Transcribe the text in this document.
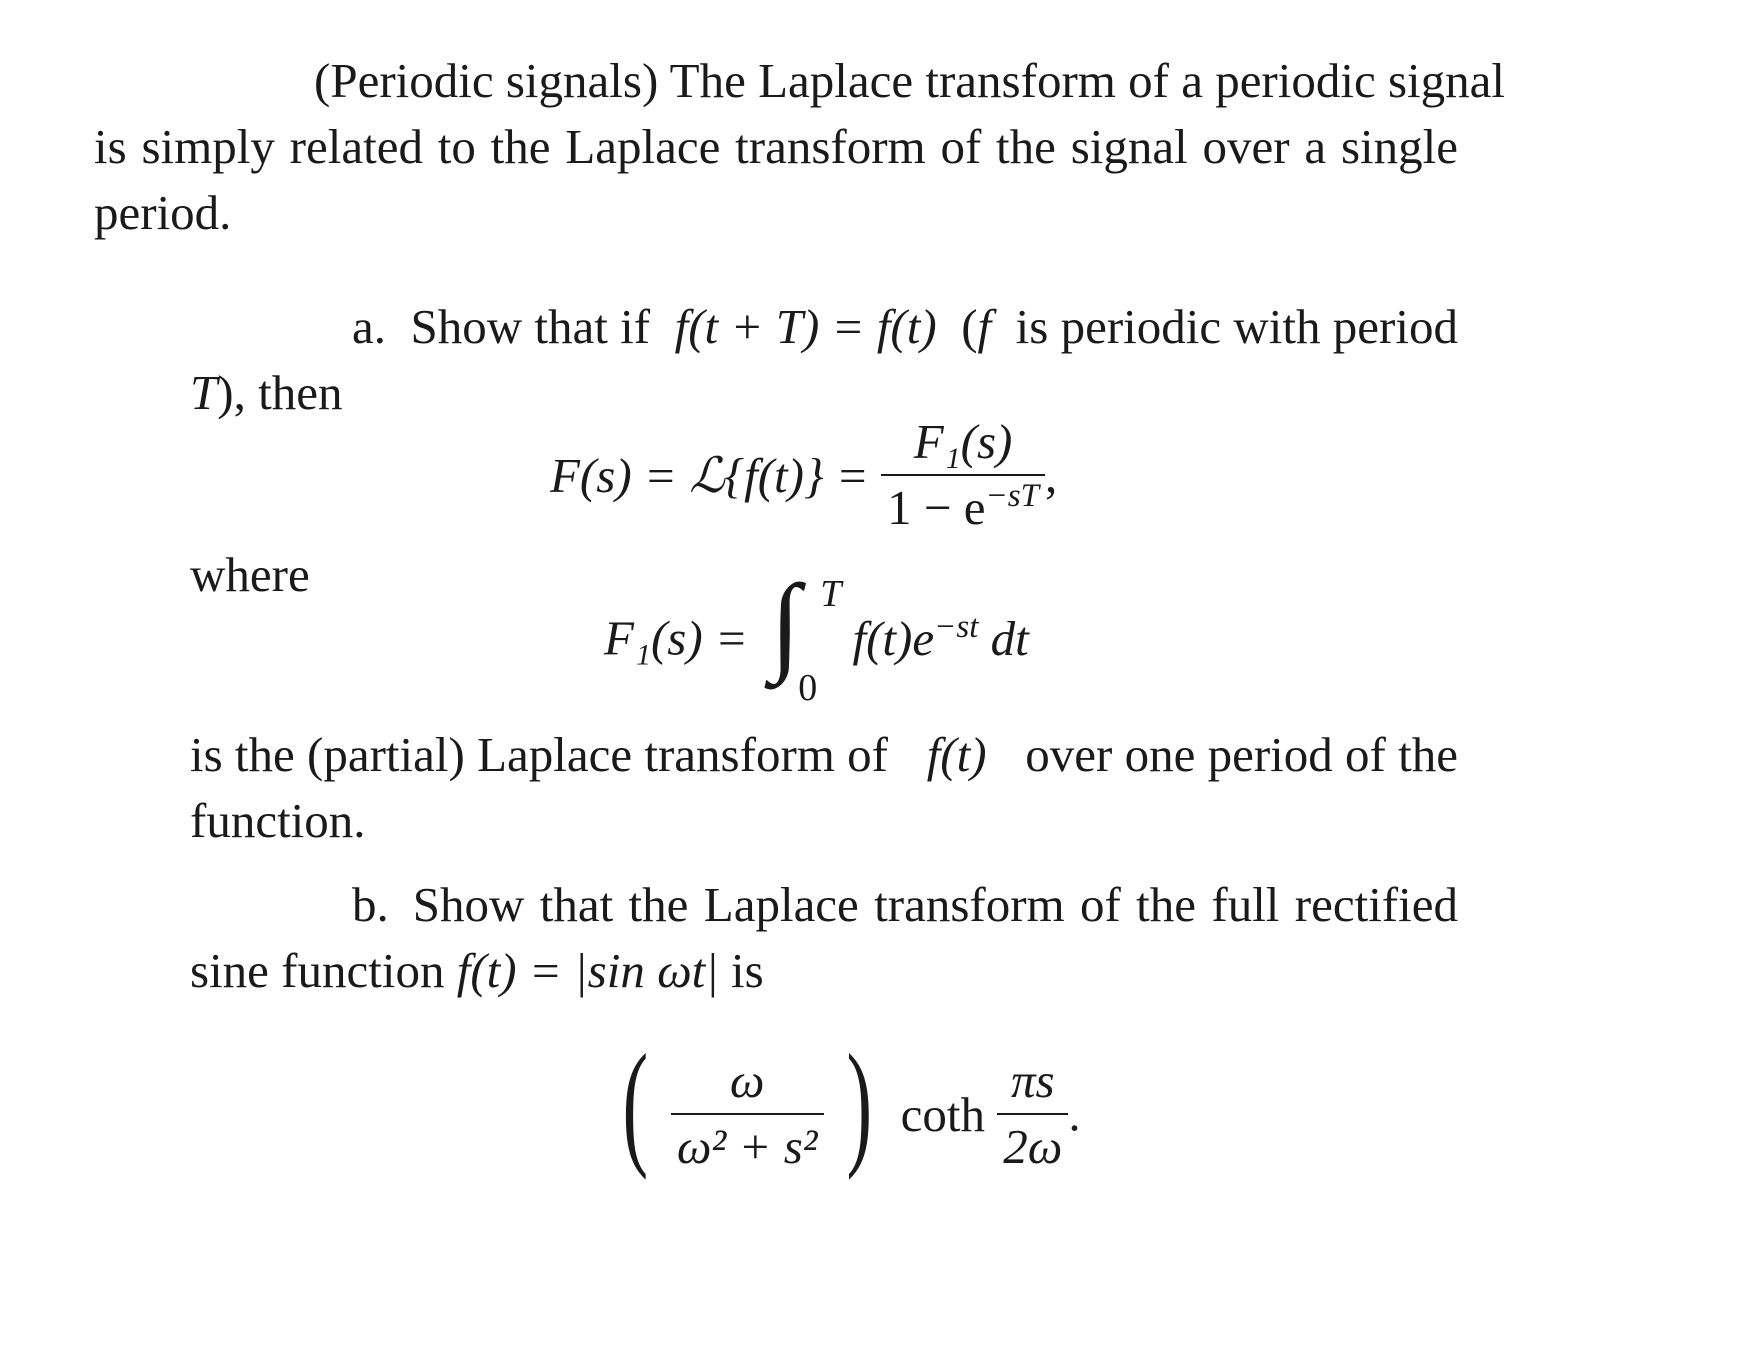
(Periodic signals) The Laplace transform of a periodic signal
is simply related to the Laplace transform of the signal over a single
period.
a. Show that if f(t + T) = f(t) (f is periodic with period
T), then
F(s) = ℒ{f(t)} = $\frac{\text{F₁(s)}}{1 - e^{-sT}}$ ,
where
F₁(s) = ∫ T
0
$f(t)e^{-st}$ dt
is the (partial) Laplace transform of f(t) over one period of the
function.
b. Show that the Laplace transform of the full rectified
sine function f(t) = |sin ωt| is
( $\frac{\omega}{\text{ω² + s²}}$ ) coth $\frac{\pi s}{2\omega}$ .
